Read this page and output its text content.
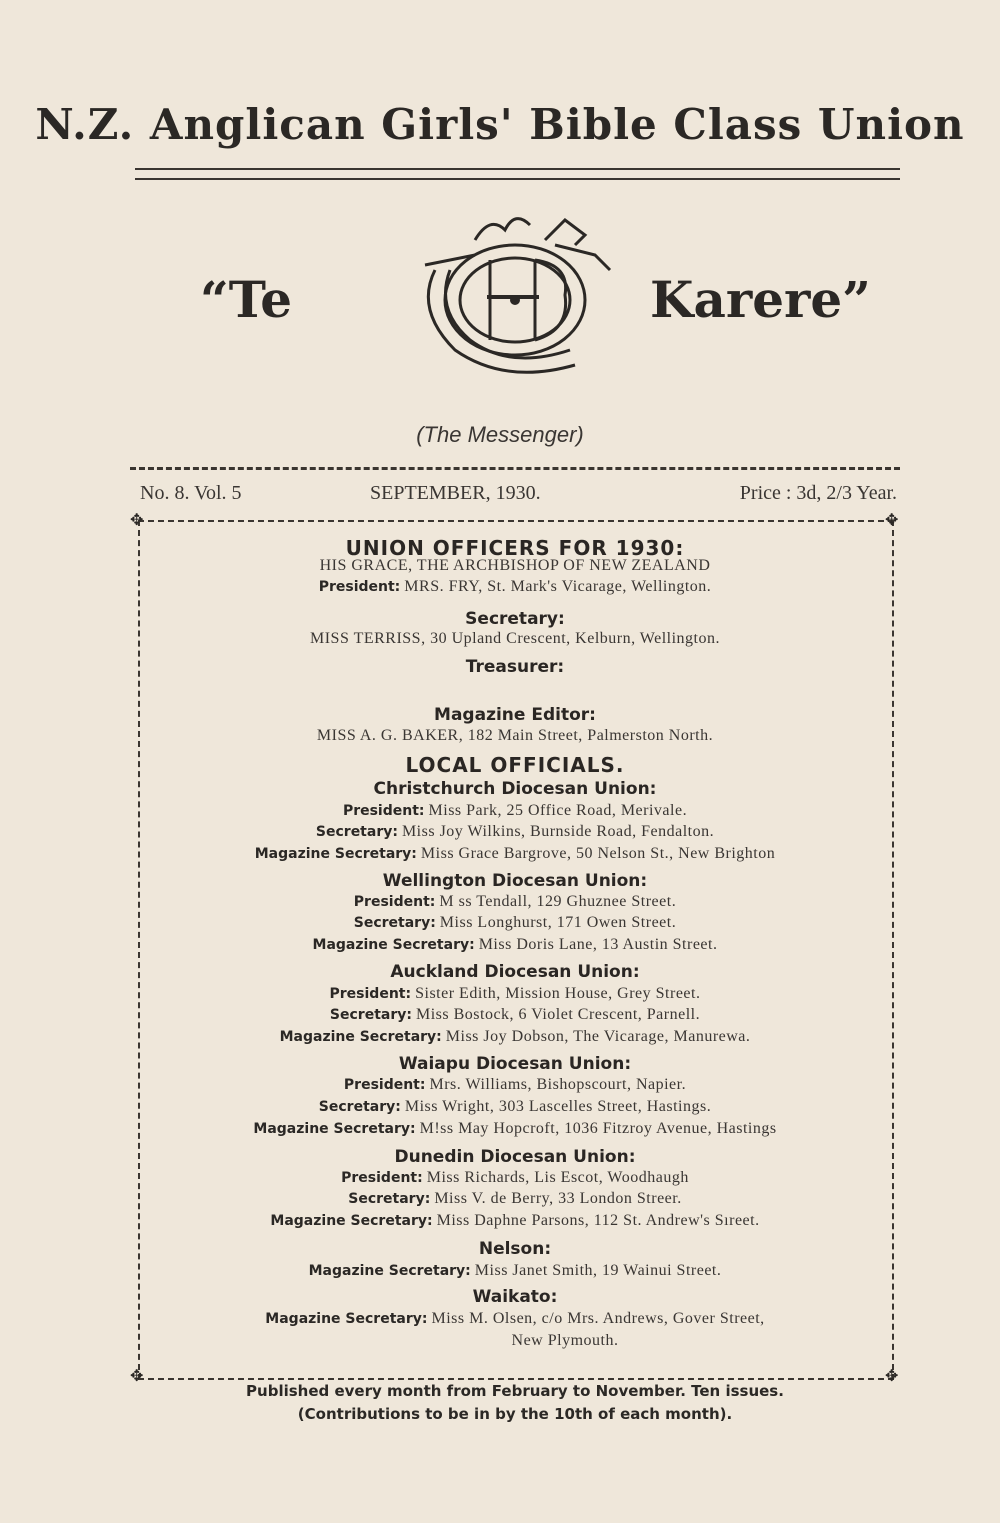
N.Z. Anglican Girls' Bible Class Union
“Te	Karere”
(The Messenger)
No. 8. Vol. 5	SEPTEMBER, 1930.	Price : 3d, 2/3 Year.
✥	✥
✥	✥
UNION OFFICERS FOR 1930:
HIS GRACE, THE ARCHBISHOP OF NEW ZEALAND
President: MRS. FRY, St. Mark's Vicarage, Wellington.
Secretary:
MISS TERRISS, 30 Upland Crescent, Kelburn, Wellington.
Treasurer:
Magazine Editor:
MISS A. G. BAKER, 182 Main Street, Palmerston North.
LOCAL OFFICIALS.
Christchurch Diocesan Union:
President: Miss Park, 25 Office Road, Merivale.
Secretary: Miss Joy Wilkins, Burnside Road, Fendalton.
Magazine Secretary: Miss Grace Bargrove, 50 Nelson St., New Brighton
Wellington Diocesan Union:
President: M ss Tendall, 129 Ghuznee Street.
Secretary: Miss Longhurst, 171 Owen Street.
Magazine Secretary: Miss Doris Lane, 13 Austin Street.
Auckland Diocesan Union:
President: Sister Edith, Mission House, Grey Street.
Secretary: Miss Bostock, 6 Violet Crescent, Parnell.
Magazine Secretary: Miss Joy Dobson, The Vicarage, Manurewa.
Waiapu Diocesan Union:
President: Mrs. Williams, Bishopscourt, Napier.
Secretary: Miss Wright, 303 Lascelles Street, Hastings.
Magazine Secretary: M!ss May Hopcroft, 1036 Fitzroy Avenue, Hastings
Dunedin Diocesan Union:
President: Miss Richards, Lis Escot, Woodhaugh
Secretary: Miss V. de Berry, 33 London Streer.
Magazine Secretary: Miss Daphne Parsons, 112 St. Andrew's Sıreet.
Nelson:
Magazine Secretary: Miss Janet Smith, 19 Wainui Street.
Waikato:
Magazine Secretary: Miss M. Olsen, c/o Mrs. Andrews, Gover Street,
New Plymouth.
Published every month from February to November. Ten issues.
(Contributions to be in by the 10th of each month).
